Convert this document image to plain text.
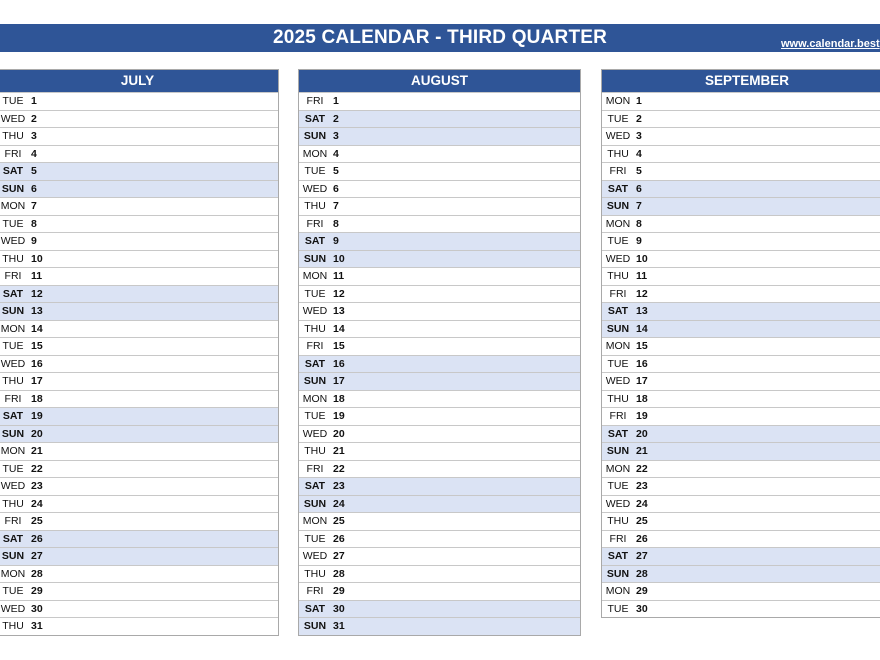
2025 CALENDAR - THIRD QUARTER	www.calendar.best
JULY
TUE 1
WED 2
THU 3
FRI 4
SAT 5
SUN 6
MON 7
TUE 8
WED 9
THU 10
FRI 11
SAT 12
SUN 13
MON 14
TUE 15
WED 16
THU 17
FRI 18
SAT 19
SUN 20
MON 21
TUE 22
WED 23
THU 24
FRI 25
SAT 26
SUN 27
MON 28
TUE 29
WED 30
THU 31
AUGUST
FRI 1
SAT 2
SUN 3
MON 4
TUE 5
WED 6
THU 7
FRI 8
SAT 9
SUN 10
MON 11
TUE 12
WED 13
THU 14
FRI 15
SAT 16
SUN 17
MON 18
TUE 19
WED 20
THU 21
FRI 22
SAT 23
SUN 24
MON 25
TUE 26
WED 27
THU 28
FRI 29
SAT 30
SUN 31
SEPTEMBER
MON 1
TUE 2
WED 3
THU 4
FRI 5
SAT 6
SUN 7
MON 8
TUE 9
WED 10
THU 11
FRI 12
SAT 13
SUN 14
MON 15
TUE 16
WED 17
THU 18
FRI 19
SAT 20
SUN 21
MON 22
TUE 23
WED 24
THU 25
FRI 26
SAT 27
SUN 28
MON 29
TUE 30
